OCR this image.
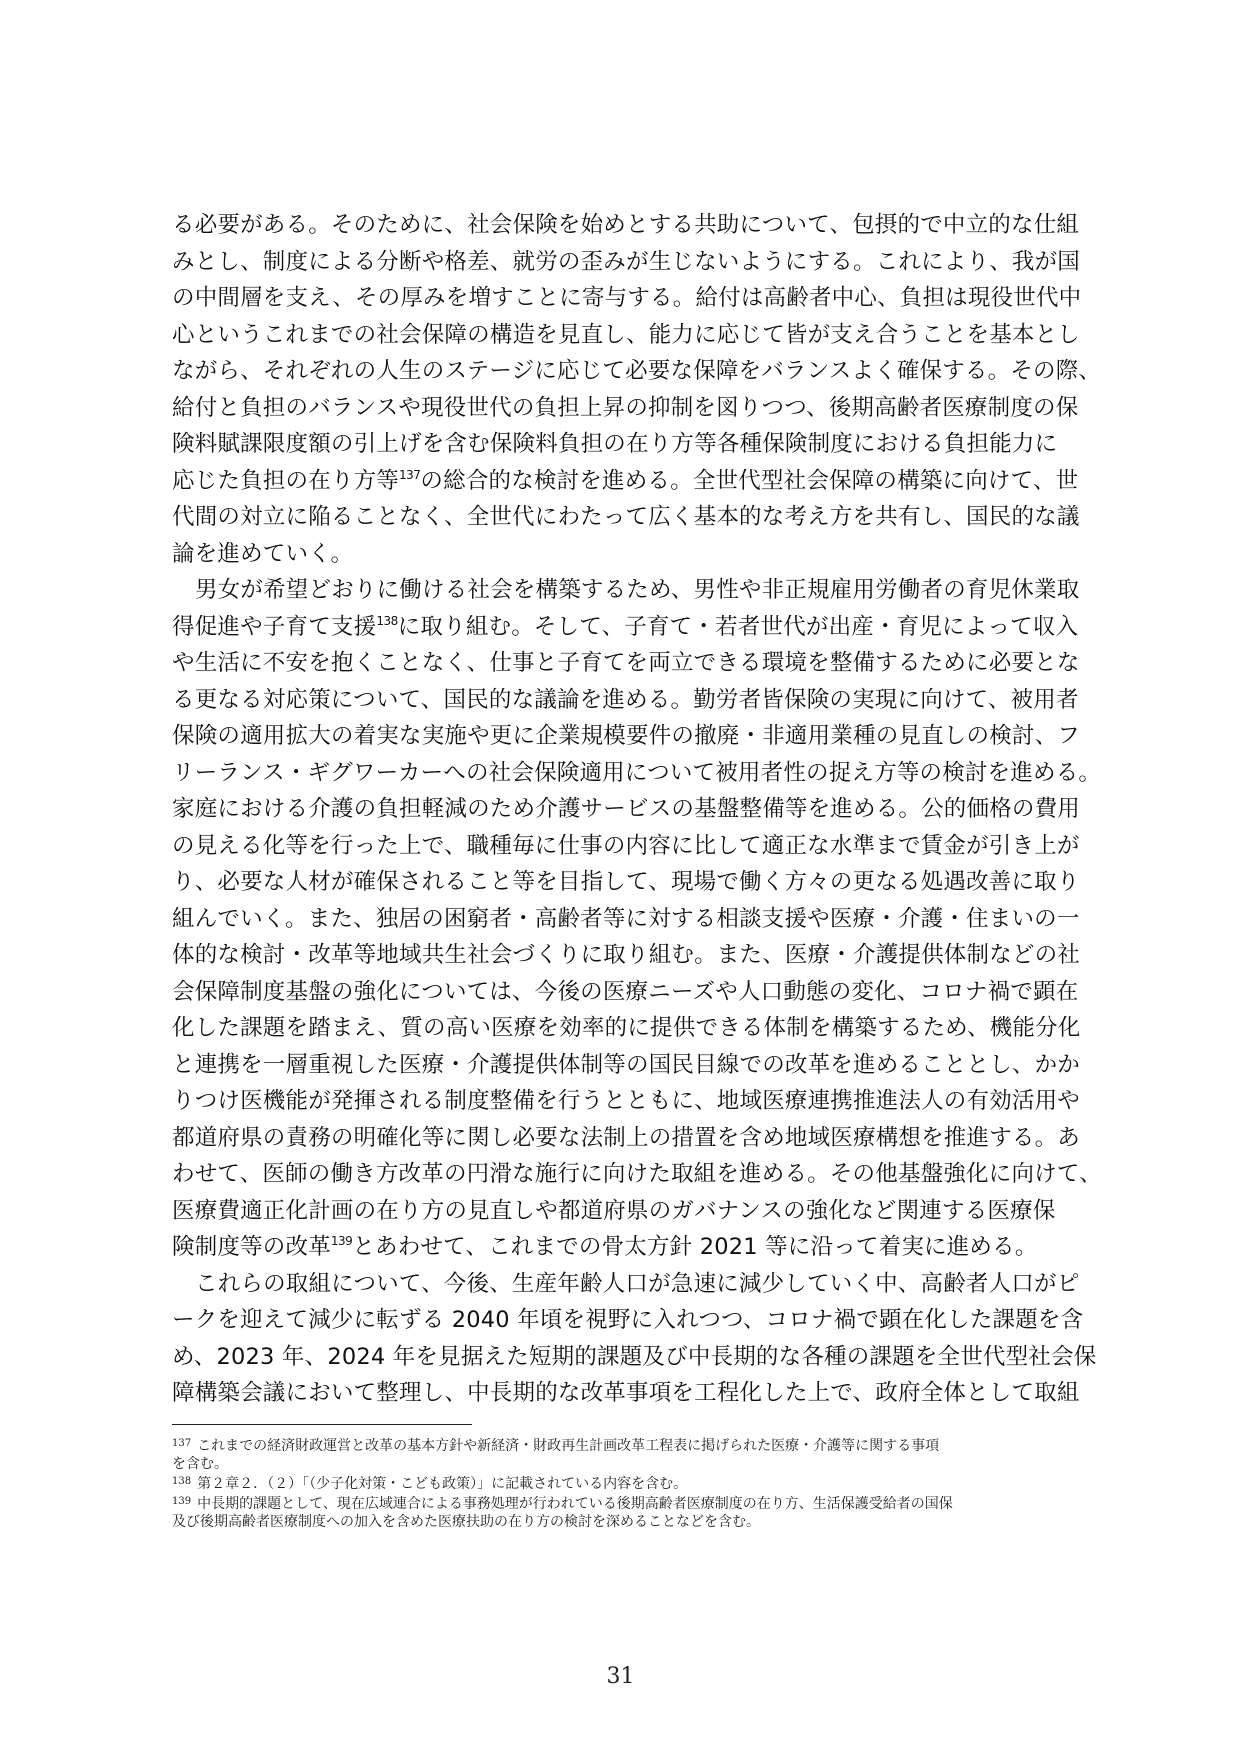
る必要がある。そのために、社会保険を始めとする共助について、包摂的で中立的な仕組
みとし、制度による分断や格差、就労の歪みが生じないようにする。これにより、我が国
の中間層を支え、その厚みを増すことに寄与する。給付は高齢者中心、負担は現役世代中
心というこれまでの社会保障の構造を見直し、能力に応じて皆が支え合うことを基本とし
ながら、それぞれの人生のステージに応じて必要な保障をバランスよく確保する。その際、
給付と負担のバランスや現役世代の負担上昇の抑制を図りつつ、後期高齢者医療制度の保
険料賦課限度額の引上げを含む保険料負担の在り方等各種保険制度における負担能力に
応じた負担の在り方等$^{137}$の総合的な検討を進める。全世代型社会保障の構築に向けて、世
代間の対立に陥ることなく、全世代にわたって広く基本的な考え方を共有し、国民的な議
論を進めていく。

男女が希望どおりに働ける社会を構築するため、男性や非正規雇用労働者の育児休業取
得促進や子育て支援$^{138}$に取り組む。そして、子育て・若者世代が出産・育児によって収入
や生活に不安を抱くことなく、仕事と子育てを両立できる環境を整備するために必要とな
る更なる対応策について、国民的な議論を進める。勤労者皆保険の実現に向けて、被用者
保険の適用拡大の着実な実施や更に企業規模要件の撤廃・非適用業種の見直しの検討、フ
リーランス・ギグワーカーへの社会保険適用について被用者性の捉え方等の検討を進める。
家庭における介護の負担軽減のため介護サービスの基盤整備等を進める。公的価格の費用
の見える化等を行った上で、職種毎に仕事の内容に比して適正な水準まで賃金が引き上が
り、必要な人材が確保されること等を目指して、現場で働く方々の更なる処遇改善に取り
組んでいく。また、独居の困窮者・高齢者等に対する相談支援や医療・介護・住まいの一
体的な検討・改革等地域共生社会づくりに取り組む。また、医療・介護提供体制などの社
会保障制度基盤の強化については、今後の医療ニーズや人口動態の変化、コロナ禍で顕在
化した課題を踏まえ、質の高い医療を効率的に提供できる体制を構築するため、機能分化
と連携を一層重視した医療・介護提供体制等の国民目線での改革を進めることとし、かか
りつけ医機能が発揮される制度整備を行うとともに、地域医療連携推進法人の有効活用や
都道府県の責務の明確化等に関し必要な法制上の措置を含め地域医療構想を推進する。あ
わせて、医師の働き方改革の円滑な施行に向けた取組を進める。その他基盤強化に向けて、
医療費適正化計画の在り方の見直しや都道府県のガバナンスの強化など関連する医療保
険制度等の改革$^{139}$とあわせて、これまでの骨太方針 2021 等に沿って着実に進める。

これらの取組について、今後、生産年齢人口が急速に減少していく中、高齢者人口がピ
ークを迎えて減少に転ずる 2040 年頃を視野に入れつつ、コロナ禍で顕在化した課題を含
め、2023 年、2024 年を見据えた短期的課題及び中長期的な各種の課題を全世代型社会保
障構築会議において整理し、中長期的な改革事項を工程化した上で、政府全体として取組

$^{137}$ これまでの経済財政運営と改革の基本方針や新経済・財政再生計画改革工程表に掲げられた医療・介護等に関する事項
を含む。
$^{138}$ 第２章２．（２）「（少子化対策・こども政策）」に記載されている内容を含む。
$^{139}$ 中長期的課題として、現在広域連合による事務処理が行われている後期高齢者医療制度の在り方、生活保護受給者の国保
及び後期高齢者医療制度への加入を含めた医療扶助の在り方の検討を深めることなどを含む。
31
